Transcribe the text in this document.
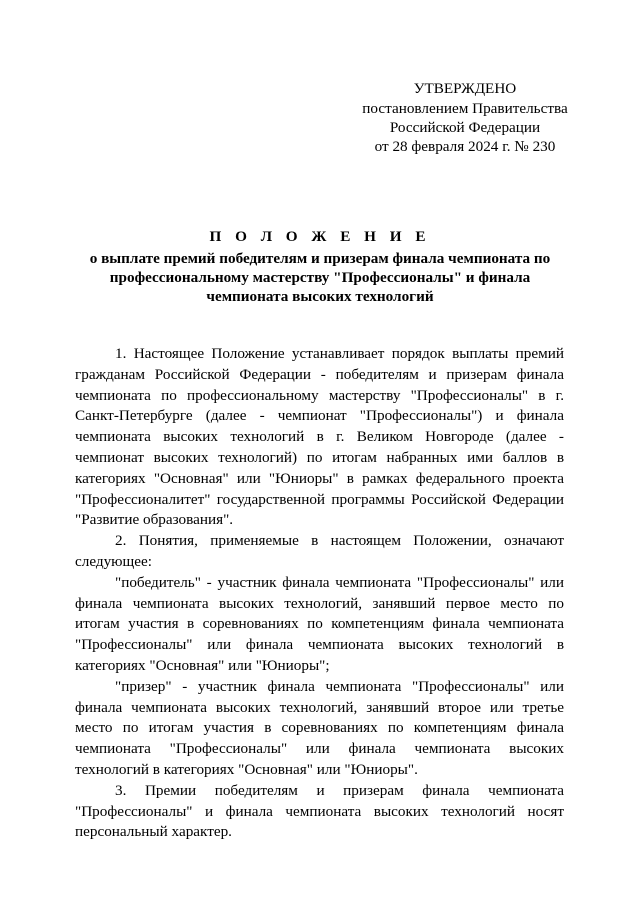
УТВЕРЖДЕНО
постановлением Правительства
Российской Федерации
от 28 февраля 2024 г. № 230
П О Л О Ж Е Н И Е
о выплате премий победителям и призерам финала чемпионата по
профессиональному мастерству "Профессионалы" и финала
чемпионата высоких технологий

1. Настоящее Положение устанавливает порядок выплаты премий гражданам Российской Федерации - победителям и призерам финала чемпионата по профессиональному мастерству "Профессионалы" в г. Санкт-Петербурге (далее - чемпионат "Профессионалы") и финала чемпионата высоких технологий в г. Великом Новгороде (далее - чемпионат высоких технологий) по итогам набранных ими баллов в категориях "Основная" или "Юниоры" в рамках федерального проекта "Профессионалитет" государственной программы Российской Федерации "Развитие образования".

2. Понятия, применяемые в настоящем Положении, означают следующее:

"победитель" - участник финала чемпионата "Профессионалы" или финала чемпионата высоких технологий, занявший первое место по итогам участия в соревнованиях по компетенциям финала чемпионата "Профессионалы" или финала чемпионата высоких технологий в категориях "Основная" или "Юниоры";

"призер" - участник финала чемпионата "Профессионалы" или финала чемпионата высоких технологий, занявший второе или третье место по итогам участия в соревнованиях по компетенциям финала чемпионата "Профессионалы" или финала чемпионата высоких технологий в категориях "Основная" или "Юниоры".

3. Премии победителям и призерам финала чемпионата "Профессионалы" и финала чемпионата высоких технологий носят персональный характер.
